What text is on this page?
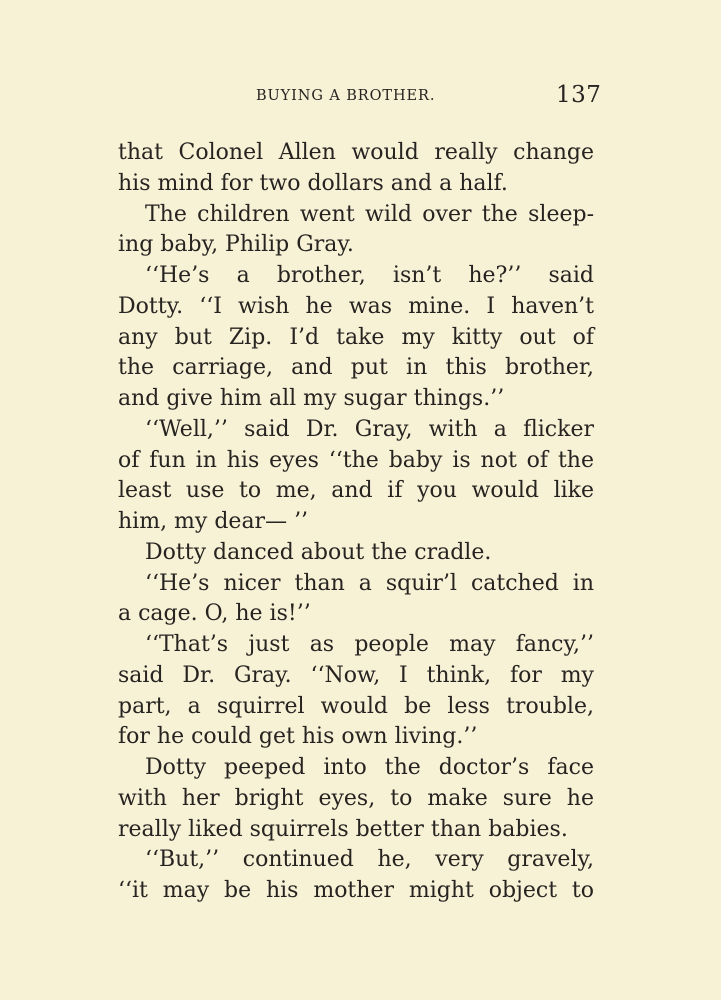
BUYING A BROTHER.	137
that Colonel Allen would really change
his mind for two dollars and a half.
The children went wild over the sleep-
ing baby, Philip Gray.
‘‘He’s a brother, isn’t he?’’ said
Dotty. ‘‘I wish he was mine. I haven’t
any but Zip. I’d take my kitty out of
the carriage, and put in this brother,
and give him all my sugar things.’’
‘‘Well,’’ said Dr. Gray, with a flicker
of fun in his eyes ‘‘the baby is not of the
least use to me, and if you would like
him, my dear— ’’
Dotty danced about the cradle.
‘‘He’s nicer than a squir’l catched in
a cage. O, he is!’’
‘‘That’s just as people may fancy,’’
said Dr. Gray. ‘‘Now, I think, for my
part, a squirrel would be less trouble,
for he could get his own living.’’
Dotty peeped into the doctor’s face
with her bright eyes, to make sure he
really liked squirrels better than babies.
‘‘But,’’ continued he, very gravely,
‘‘it may be his mother might object to
